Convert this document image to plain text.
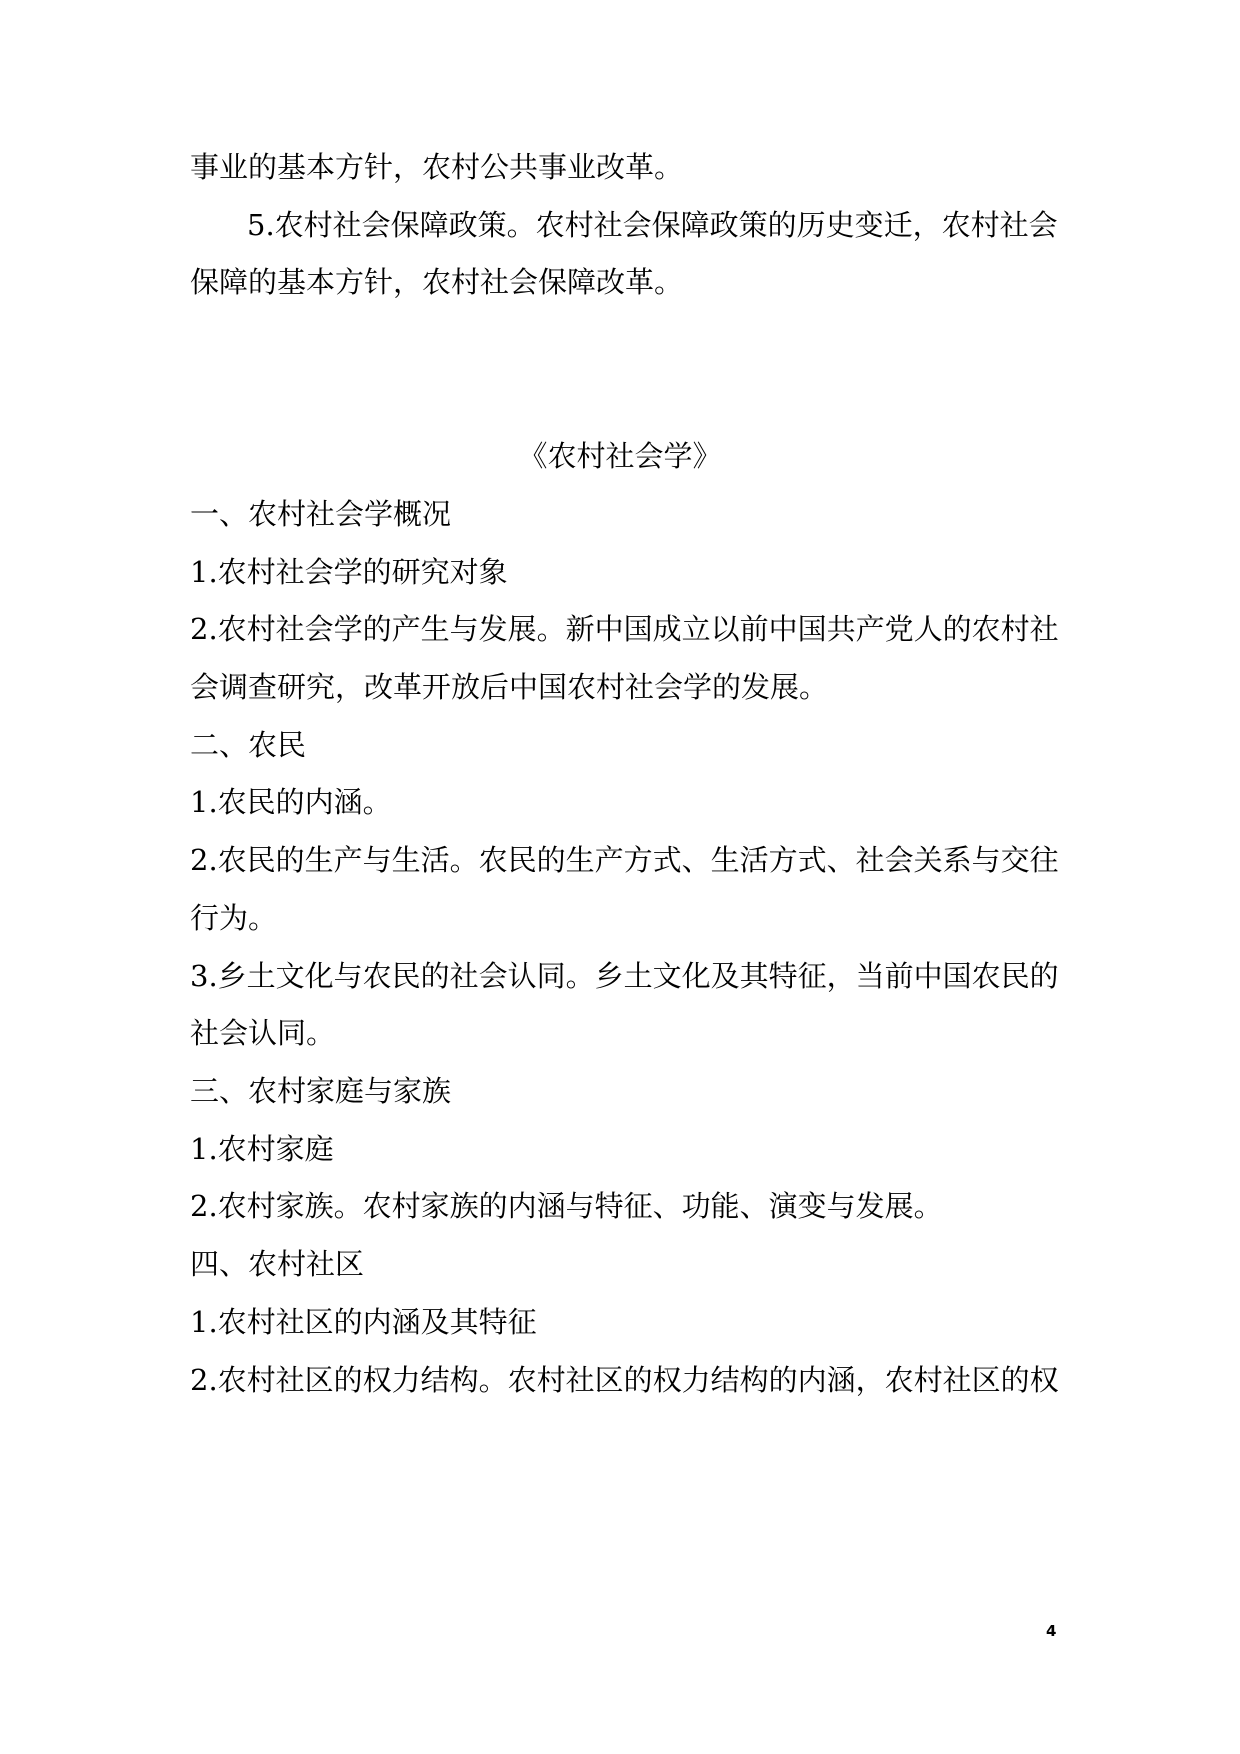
事业的基本方针，农村公共事业改革。
5.农村社会保障政策。农村社会保障政策的历史变迁，农村社会
保障的基本方针，农村社会保障改革。
《农村社会学》
一、农村社会学概况
1.农村社会学的研究对象
2.农村社会学的产生与发展。新中国成立以前中国共产党人的农村社
会调查研究，改革开放后中国农村社会学的发展。
二、农民
1.农民的内涵。
2.农民的生产与生活。农民的生产方式、生活方式、社会关系与交往
行为。
3.乡土文化与农民的社会认同。乡土文化及其特征，当前中国农民的
社会认同。
三、农村家庭与家族
1.农村家庭
2.农村家族。农村家族的内涵与特征、功能、演变与发展。
四、农村社区
1.农村社区的内涵及其特征
2.农村社区的权力结构。农村社区的权力结构的内涵，农村社区的权
4
